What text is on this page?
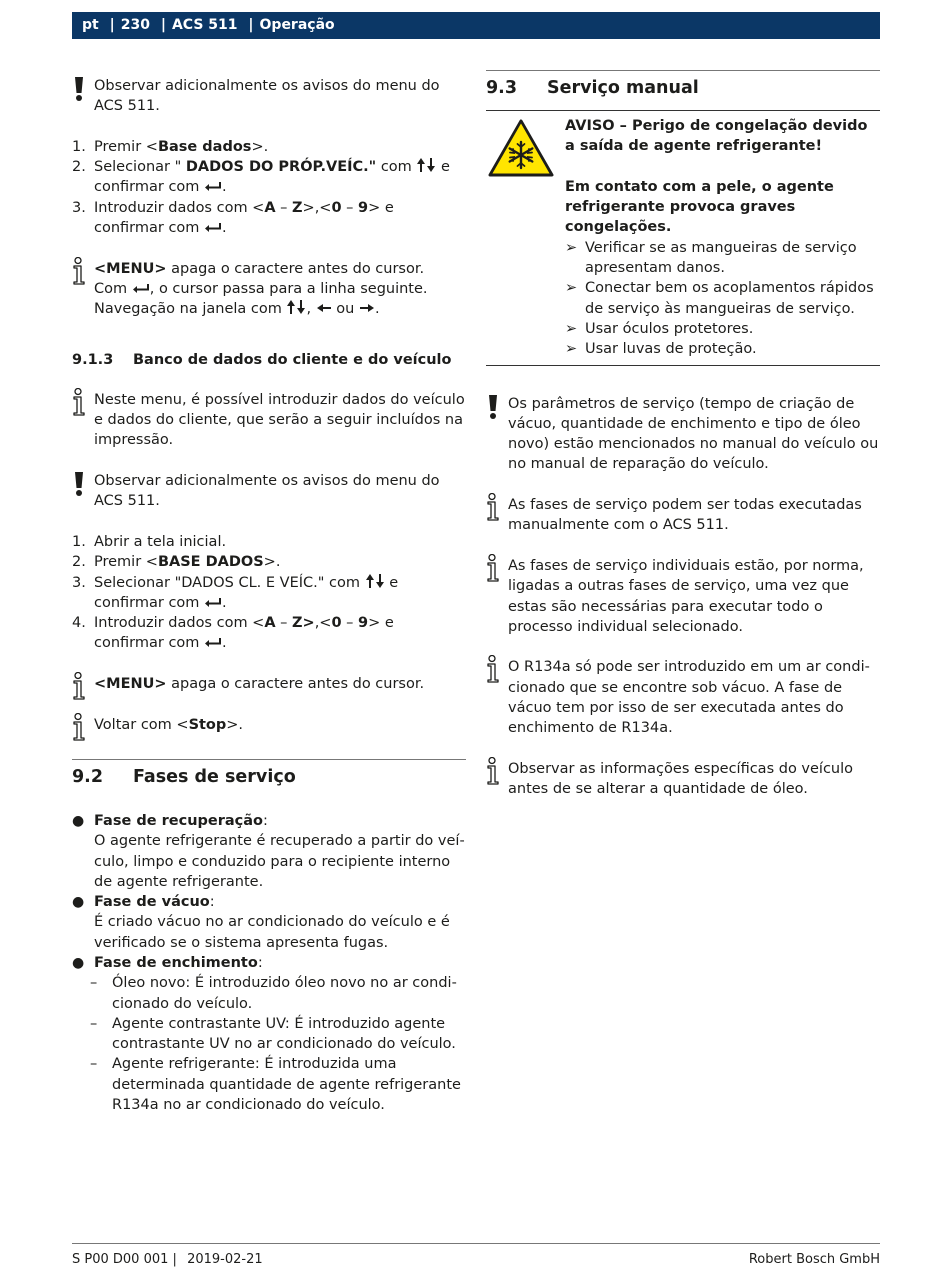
pt | 230 | ACS 511 | Operação
Observar adicionalmente os avisos do menu do ACS 511.
1. Premir <Base dados>.
2. Selecionar " DADOS DO PRÓP.VEÍC." com  e confirmar com .
3. Introduzir dados com <A – Z>,<0 – 9> e confirmar com .
<MENU> apaga o caractere antes do cursor.
Com , o cursor passa para a linha seguinte.
Navegação na janela com ,  ou .
9.1.3 Banco de dados do cliente e do veículo
Neste menu, é possível introduzir dados do veículo e dados do cliente, que serão a seguir incluídos na impressão.
Observar adicionalmente os avisos do menu do ACS 511.
1. Abrir a tela inicial.
2. Premir <BASE DADOS>.
3. Selecionar "DADOS CL. E VEÍC." com  e confirmar com .
4. Introduzir dados com <A – Z>,<0 – 9> e confirmar com .
<MENU> apaga o caractere antes do cursor.
Voltar com <Stop>.
9.2 Fases de serviço
● Fase de recuperação:
O agente refrigerante é recuperado a partir do veículo, limpo e conduzido para o recipiente interno de agente refrigerante.
● Fase de vácuo:
É criado vácuo no ar condicionado do veículo e é verificado se o sistema apresenta fugas.
● Fase de enchimento:
– Óleo novo: É introduzido óleo novo no ar condicionado do veículo.
– Agente contrastante UV: É introduzido agente contrastante UV no ar condicionado do veículo.
– Agente refrigerante: É introduzida uma determinada quantidade de agente refrigerante R134a no ar condicionado do veículo.
9.3 Serviço manual
AVISO – Perigo de congelação devido a saída de agente refrigerante!
Em contato com a pele, o agente refrigerante provoca graves congelações.
➢ Verificar se as mangueiras de serviço apresentam danos.
➢ Conectar bem os acoplamentos rápidos de serviço às mangueiras de serviço.
➢ Usar óculos protetores.
➢ Usar luvas de proteção.
Os parâmetros de serviço (tempo de criação de vácuo, quantidade de enchimento e tipo de óleo novo) estão mencionados no manual do veículo ou no manual de reparação do veículo.
As fases de serviço podem ser todas executadas manualmente com o ACS 511.
As fases de serviço individuais estão, por norma, ligadas a outras fases de serviço, uma vez que estas são necessárias para executar todo o processo individual selecionado.
O R134a só pode ser introduzido em um ar condicionado que se encontre sob vácuo. A fase de vácuo tem por isso de ser executada antes do enchimento de R134a.
Observar as informações específicas do veículo antes de se alterar a quantidade de óleo.
S P00 D00 001 | 2019-02-21	Robert Bosch GmbH
